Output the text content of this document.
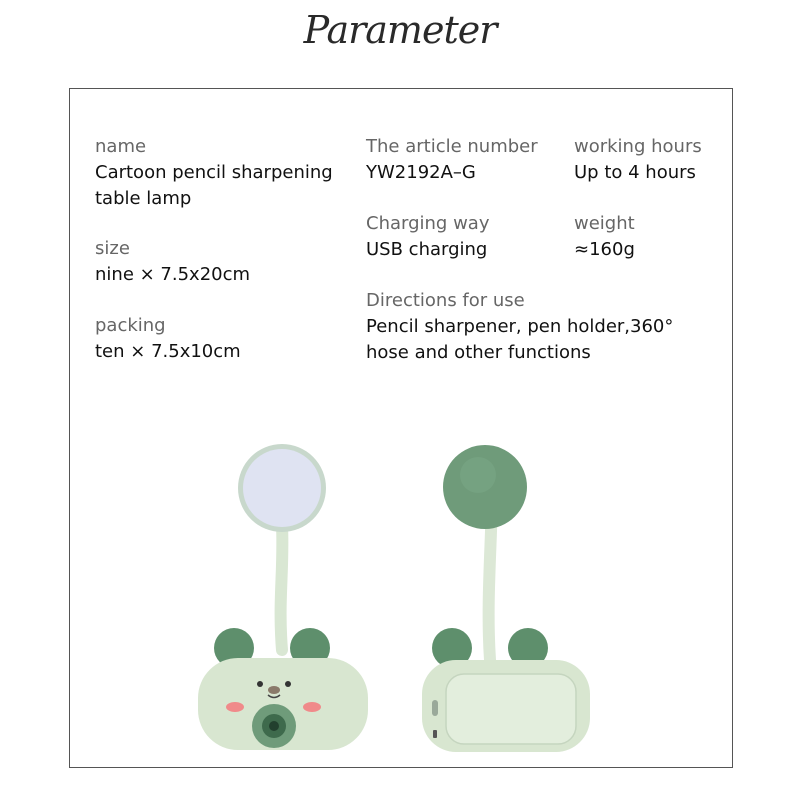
Parameter
name
Cartoon pencil sharpening
table lamp
size
nine × 7.5x20cm
packing
ten × 7.5x10cm
The article number
YW2192A–G
Charging way
USB charging
Directions for use
Pencil sharpener, pen holder,360°
hose and other functions
working hours
Up to 4 hours
weight
≈160g
